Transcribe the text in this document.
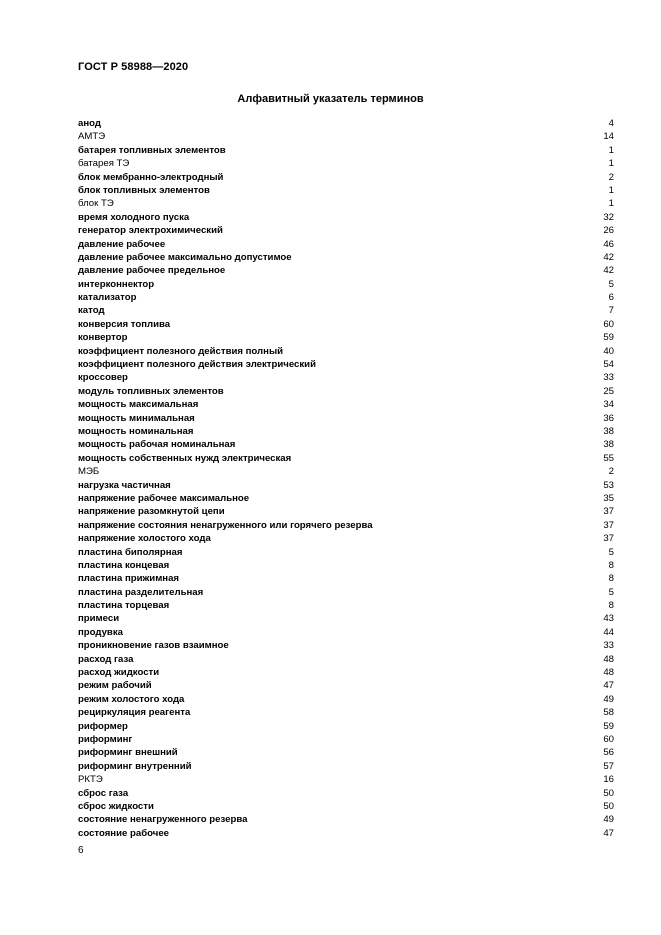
ГОСТ Р 58988—2020
Алфавитный указатель терминов
анод	4
АМТЭ	14
батарея топливных элементов	1
батарея ТЭ	1
блок мембранно-электродный	2
блок топливных элементов	1
блок ТЭ	1
время холодного пуска	32
генератор электрохимический	26
давление рабочее	46
давление рабочее максимально допустимое	42
давление рабочее предельное	42
интерконнектор	5
катализатор	6
катод	7
конверсия топлива	60
конвертор	59
коэффициент полезного действия полный	40
коэффициент полезного действия электрический	54
кроссовер	33
модуль топливных элементов	25
мощность максимальная	34
мощность минимальная	36
мощность номинальная	38
мощность рабочая номинальная	38
мощность собственных нужд электрическая	55
МЭБ	2
нагрузка частичная	53
напряжение рабочее максимальное	35
напряжение разомкнутой цепи	37
напряжение состояния ненагруженного или горячего резерва	37
напряжение холостого хода	37
пластина биполярная	5
пластина концевая	8
пластина прижимная	8
пластина разделительная	5
пластина торцевая	8
примеси	43
продувка	44
проникновение газов взаимное	33
расход газа	48
расход жидкости	48
режим рабочий	47
режим холостого хода	49
рециркуляция реагента	58
риформер	59
риформинг	60
риформинг внешний	56
риформинг внутренний	57
РКТЭ	16
сброс газа	50
сброс жидкости	50
состояние ненагруженного резерва	49
состояние рабочее	47
6
